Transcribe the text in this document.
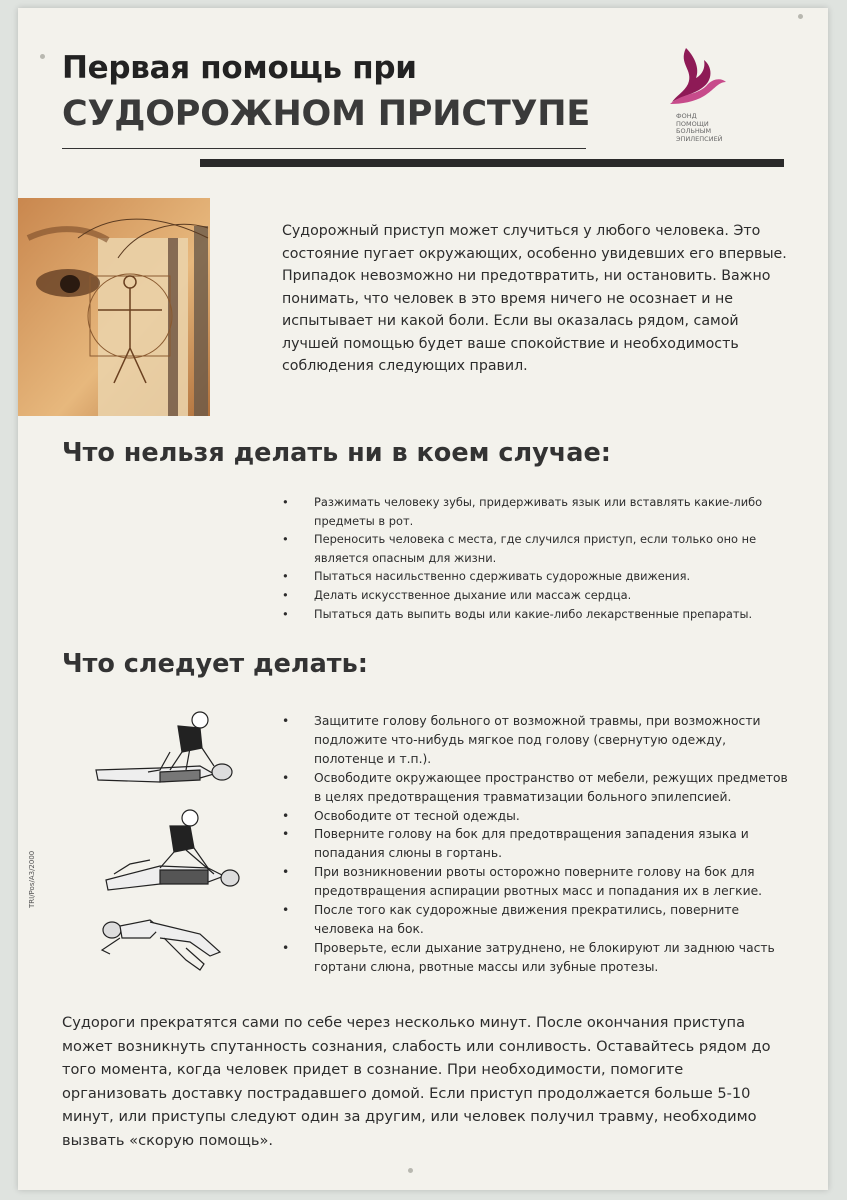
Первая помощь при
СУДОРОЖНОМ ПРИСТУПЕ	ФОНД
ПОМОЩИ
БОЛЬНЫМ
ЭПИЛЕПСИЕЙ
Судорожный приступ может случиться у любого человека. Это состояние пугает окружающих, особенно увидевших его впервые. Припадок невозможно ни предотвратить, ни остановить. Важно понимать, что человек в это время ничего не осознает и не испытывает ни какой боли. Если вы оказалась рядом, самой лучшей помощью будет ваше спокойствие и необходимость соблюдения следующих правил.
Что нельзя делать ни в коем случае:
• Разжимать человеку зубы, придерживать язык или вставлять какие-либо предметы в рот.
• Переносить человека с места, где случился приступ, если только оно не является опасным для жизни.
• Пытаться насильственно сдерживать судорожные движения.
• Делать искусственное дыхание или массаж сердца.
• Пытаться дать выпить воды или какие-либо лекарственные препараты.
Что следует делать:
• Защитите голову больного от возможной травмы, при возможности подложите что-нибудь мягкое под голову (свернутую одежду, полотенце и т.п.).
• Освободите окружающее пространство от мебели, режущих предметов в целях предотвращения травматизации больного эпилепсией.
• Освободите от тесной одежды.
• Поверните голову на бок для предотвращения западения языка и попадания слюны в гортань.
• При возникновении рвоты осторожно поверните голову на бок для предотвращения аспирации рвотных масс и попадания их в легкие.
• После того как судорожные движения прекратились, поверните человека на бок.
• Проверьте, если дыхание затруднено, не блокируют ли заднюю часть гортани слюна, рвотные массы или зубные протезы.
TRI/Pos/A3/2000
Судороги прекратятся сами по себе через несколько минут. После окончания приступа может возникнуть спутанность сознания, слабость или сонливость. Оставайтесь рядом до того момента, когда человек придет в сознание. При необходимости, помогите организовать доставку пострадавшего домой. Если приступ продолжается больше 5-10 минут, или приступы следуют один за другим, или человек получил травму, необходимо вызвать «скорую помощь».
